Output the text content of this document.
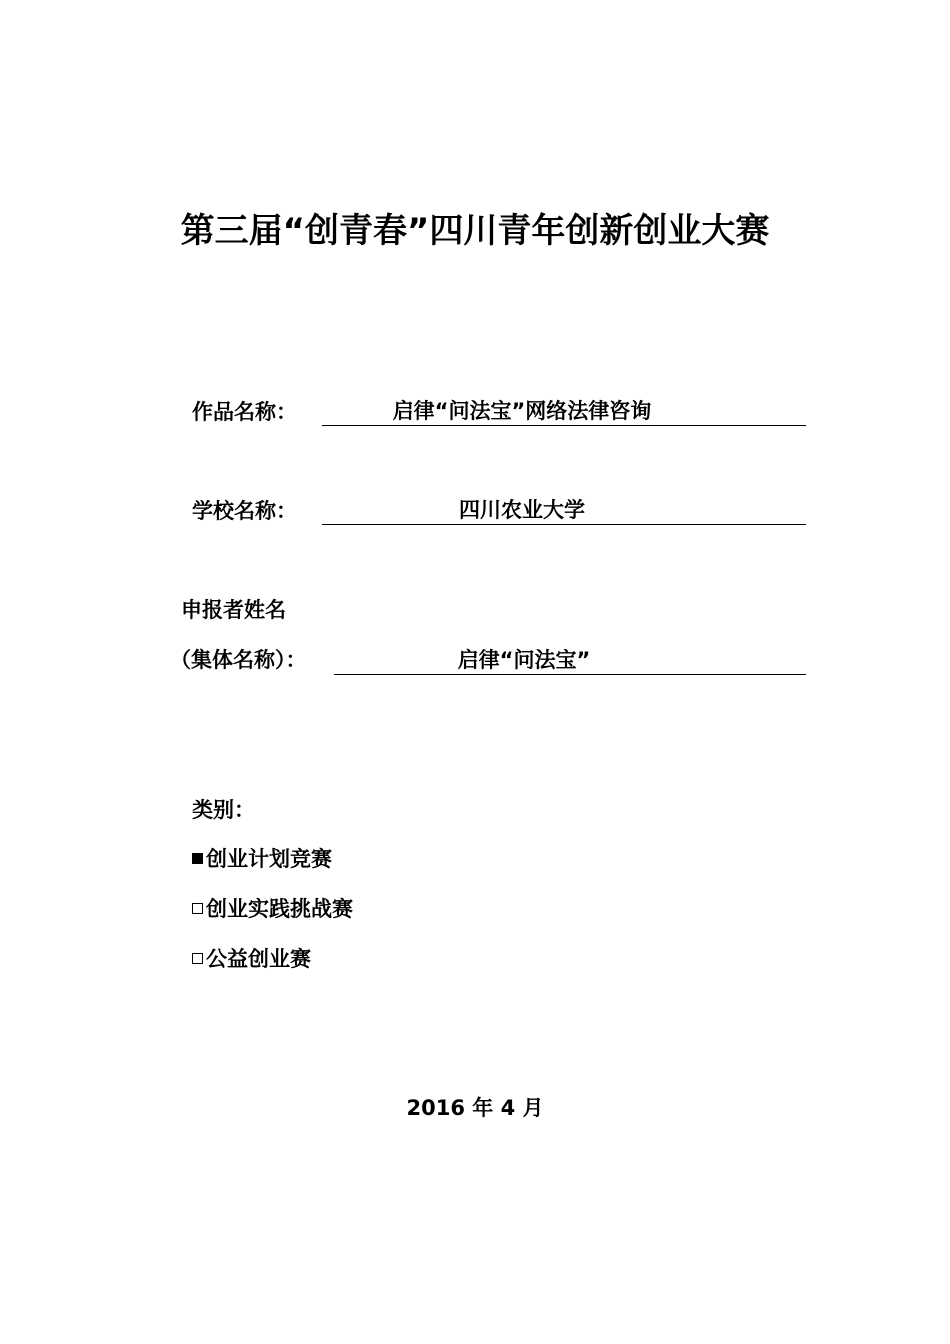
第三届“创青春”四川青年创新创业大赛
作品名称：	启律“问法宝”网络法律咨询
学校名称：	四川农业大学
申报者姓名
（集体名称）：	启律“问法宝”
类别：
创业计划竞赛
创业实践挑战赛
公益创业赛
2016 年 4 月
